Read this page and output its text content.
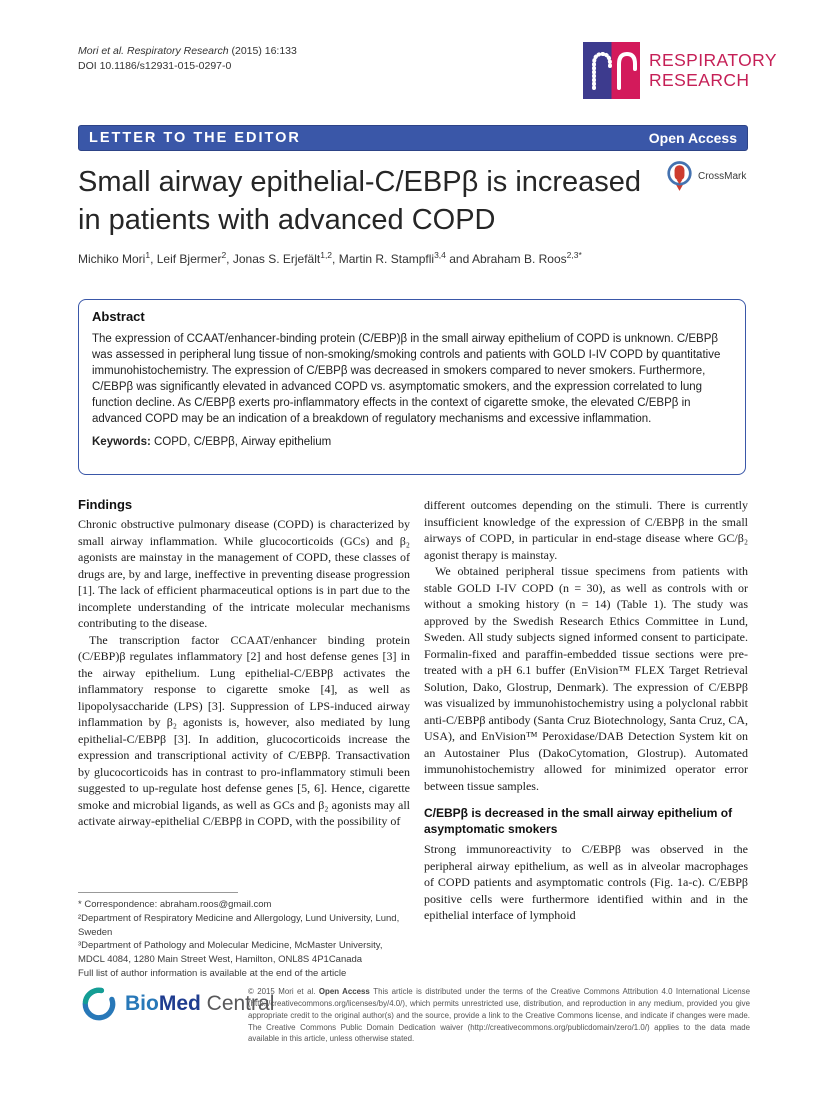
Mori et al. Respiratory Research (2015) 16:133
DOI 10.1186/s12931-015-0297-0	RESPIRATORY
RESEARCH
LETTER TO THE EDITOR	Open Access
Small airway epithelial-C/EBPβ is increased
in patients with advanced COPD
CrossMark
Michiko Mori$^1$, Leif Bjermer$^2$, Jonas S. Erjefält$^{1,2}$, Martin R. Stampfli$^{3,4}$ and Abraham B. Roos$^{2,3*}$
Abstract
The expression of CCAAT/enhancer-binding protein (C/EBP)β in the small airway epithelium of COPD is unknown. C/EBPβ was assessed in peripheral lung tissue of non-smoking/smoking controls and patients with GOLD I-IV COPD by quantitative immunohistochemistry. The expression of C/EBPβ was decreased in smokers compared to never smokers. Furthermore, C/EBPβ was significantly elevated in advanced COPD vs. asymptomatic smokers, and the expression correlated to lung function decline. As C/EBPβ exerts pro-inflammatory effects in the context of cigarette smoke, the elevated C/EBPβ in advanced COPD may be an indication of a breakdown of regulatory mechanisms and excessive inflammation.
Keywords: COPD, C/EBPβ, Airway epithelium
Findings

Chronic obstructive pulmonary disease (COPD) is characterized by small airway inflammation. While glucocorticoids (GCs) and β₂ agonists are mainstay in the management of COPD, these classes of drugs are, by and large, ineffective in preventing disease progression [1]. The lack of efficient pharmaceutical options is in part due to the incomplete understanding of the intricate molecular mechanisms contributing to the disease.

The transcription factor CCAAT/enhancer binding protein (C/EBP)β regulates inflammatory [2] and host defense genes [3] in the airway epithelium. Lung epithelial-C/EBPβ activates the inflammatory response to cigarette smoke [4], as well as lipopolysaccharide (LPS) [3]. Suppression of LPS-induced airway inflammation by β₂ agonists is, however, also mediated by lung epithelial-C/EBPβ [3]. In addition, glucocorticoids increase the expression and transcriptional activity of C/EBPβ. Transactivation by glucocorticoids has in contrast to pro-inflammatory stimuli been suggested to up-regulate host defense genes [5, 6]. Hence, cigarette smoke and microbial ligands, as well as GCs and β₂ agonists may all activate airway-epithelial C/EBPβ in COPD, with the possibility of

different outcomes depending on the stimuli. There is currently insufficient knowledge of the expression of C/EBPβ in the small airways of COPD, in particular in end-stage disease where GC/β₂ agonist therapy is mainstay.

We obtained peripheral tissue specimens from patients with stable GOLD I-IV COPD (n = 30), as well as controls with or without a smoking history (n = 14) (Table 1). The study was approved by the Swedish Research Ethics Committee in Lund, Sweden. All study subjects signed informed consent to participate. Formalin-fixed and paraffin-embedded tissue sections were pre-treated with a pH 6.1 buffer (EnVision™ FLEX Target Retrieval Solution, Dako, Glostrup, Denmark). The expression of C/EBPβ was visualized by immunohistochemistry using a polyclonal rabbit anti-C/EBPβ antibody (Santa Cruz Biotechnology, Santa Cruz, CA, USA), and EnVision™ Peroxidase/DAB Detection System kit on an Autostainer Plus (DakoCytomation, Glostrup). Automated immunohistochemistry allowed for minimized operator error between tissue samples.

C/EBPβ is decreased in the small airway epithelium of asymptomatic smokers

Strong immunoreactivity to C/EBPβ was observed in the peripheral airway epithelium, as well as in alveolar macrophages of COPD patients and asymptomatic controls (Fig. 1a-c). C/EBPβ positive cells were furthermore identified within and in the epithelial interface of lymphoid

* Correspondence: abraham.roos@gmail.com
²Department of Respiratory Medicine and Allergology, Lund University, Lund, Sweden
³Department of Pathology and Molecular Medicine, McMaster University, MDCL 4084, 1280 Main Street West, Hamilton, ONL8S 4P1Canada
Full list of author information is available at the end of the article
BioMed Central
© 2015 Mori et al. Open Access This article is distributed under the terms of the Creative Commons Attribution 4.0 International License (http://creativecommons.org/licenses/by/4.0/), which permits unrestricted use, distribution, and reproduction in any medium, provided you give appropriate credit to the original author(s) and the source, provide a link to the Creative Commons license, and indicate if changes were made. The Creative Commons Public Domain Dedication waiver (http://creativecommons.org/publicdomain/zero/1.0/) applies to the data made available in this article, unless otherwise stated.
